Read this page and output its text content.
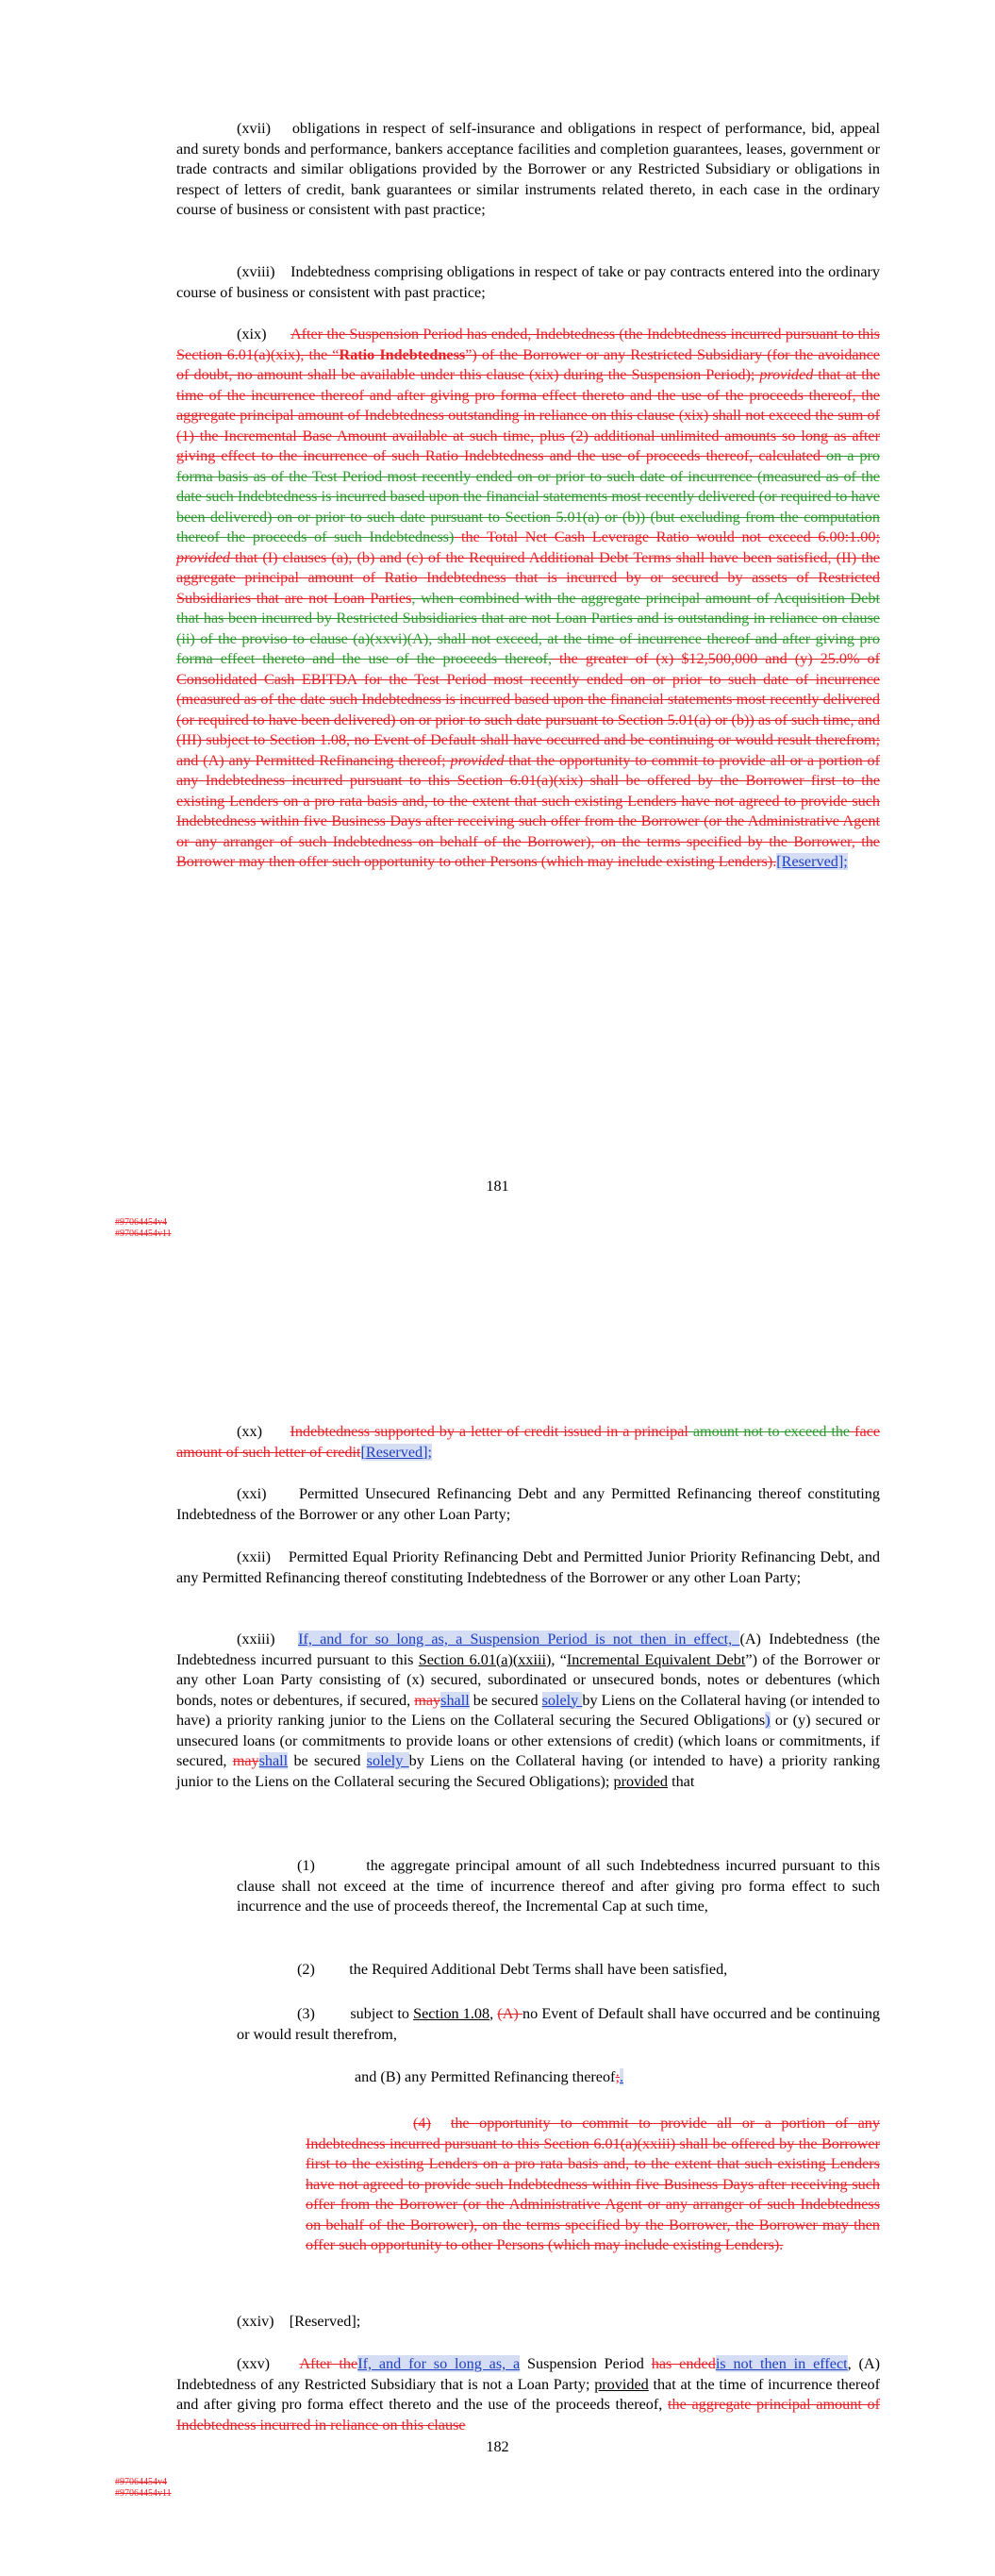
(xvii) obligations in respect of self-insurance and obligations in respect of performance, bid, appeal and surety bonds and performance, bankers acceptance facilities and completion guarantees, leases, government or trade contracts and similar obligations provided by the Borrower or any Restricted Subsidiary or obligations in respect of letters of credit, bank guarantees or similar instruments related thereto, in each case in the ordinary course of business or consistent with past practice;

(xviii) Indebtedness comprising obligations in respect of take or pay contracts entered into the ordinary course of business or consistent with past practice;

(xix) After the Suspension Period has ended, Indebtedness (the Indebtedness incurred pursuant to this Section 6.01(a)(xix), the “Ratio Indebtedness”) of the Borrower or any Restricted Subsidiary (for the avoidance of doubt, no amount shall be available under this clause (xix) during the Suspension Period); provided that at the time of the incurrence thereof and after giving pro forma effect thereto and the use of the proceeds thereof, the aggregate principal amount of Indebtedness outstanding in reliance on this clause (xix) shall not exceed the sum of (1) the Incremental Base Amount available at such time, plus (2) additional unlimited amounts so long as after giving effect to the incurrence of such Ratio Indebtedness and the use of proceeds thereof, calculated on a pro forma basis as of the Test Period most recently ended on or prior to such date of incurrence (measured as of the date such Indebtedness is incurred based upon the financial statements most recently delivered (or required to have been delivered) on or prior to such date pursuant to Section 5.01(a) or (b)) (but excluding from the computation thereof the proceeds of such Indebtedness) the Total Net Cash Leverage Ratio would not exceed 6.00:1.00; provided that (I) clauses (a), (b) and (c) of the Required Additional Debt Terms shall have been satisfied, (II) the aggregate principal amount of Ratio Indebtedness that is incurred by or secured by assets of Restricted Subsidiaries that are not Loan Parties, when combined with the aggregate principal amount of Acquisition Debt that has been incurred by Restricted Subsidiaries that are not Loan Parties and is outstanding in reliance on clause (ii) of the proviso to clause (a)(xxvi)(A), shall not exceed, at the time of incurrence thereof and after giving pro forma effect thereto and the use of the proceeds thereof, the greater of (x) $12,500,000 and (y) 25.0% of Consolidated Cash EBITDA for the Test Period most recently ended on or prior to such date of incurrence (measured as of the date such Indebtedness is incurred based upon the financial statements most recently delivered (or required to have been delivered) on or prior to such date pursuant to Section 5.01(a) or (b)) as of such time, and (III) subject to Section 1.08, no Event of Default shall have occurred and be continuing or would result therefrom; and (A) any Permitted Refinancing thereof; provided that the opportunity to commit to provide all or a portion of any Indebtedness incurred pursuant to this Section 6.01(a)(xix) shall be offered by the Borrower first to the existing Lenders on a pro rata basis and, to the extent that such existing Lenders have not agreed to provide such Indebtedness within five Business Days after receiving such offer from the Borrower (or the Administrative Agent or any arranger of such Indebtedness on behalf of the Borrower), on the terms specified by the Borrower, the Borrower may then offer such opportunity to other Persons (which may include existing Lenders).[Reserved];

181
#97064454v4
#97064454v11

(xx) Indebtedness supported by a letter of credit issued in a principal amount not to exceed the face amount of such letter of credit[Reserved];

(xxi) Permitted Unsecured Refinancing Debt and any Permitted Refinancing thereof constituting Indebtedness of the Borrower or any other Loan Party;

(xxii) Permitted Equal Priority Refinancing Debt and Permitted Junior Priority Refinancing Debt, and any Permitted Refinancing thereof constituting Indebtedness of the Borrower or any other Loan Party;

(xxiii) If, and for so long as, a Suspension Period is not then in effect, (A) Indebtedness (the Indebtedness incurred pursuant to this Section 6.01(a)(xxiii), “Incremental Equivalent Debt”) of the Borrower or any other Loan Party consisting of (x) secured, subordinated or unsecured bonds, notes or debentures (which bonds, notes or debentures, if secured, mayshall be secured solely by Liens on the Collateral having (or intended to have) a priority ranking junior to the Liens on the Collateral securing the Secured Obligations) or (y) secured or unsecured loans (or commitments to provide loans or other extensions of credit) (which loans or commitments, if secured, mayshall be secured solely by Liens on the Collateral having (or intended to have) a priority ranking junior to the Liens on the Collateral securing the Secured Obligations); provided that

(1)	the aggregate principal amount of all such Indebtedness incurred pursuant to this clause shall not exceed at the time of incurrence thereof and after giving pro forma effect to such incurrence and the use of proceeds thereof, the Incremental Cap at such time,

(2) the Required Additional Debt Terms shall have been satisfied,

(3) subject to Section 1.08, (A) no Event of Default shall have occurred and be continuing or would result therefrom,

and (B) any Permitted Refinancing thereof;.

(4) the opportunity to commit to provide all or a portion of any Indebtedness incurred pursuant to this Section 6.01(a)(xxiii) shall be offered by the Borrower first to the existing Lenders on a pro rata basis and, to the extent that such existing Lenders have not agreed to provide such Indebtedness within five Business Days after receiving such offer from the Borrower (or the Administrative Agent or any arranger of such Indebtedness on behalf of the Borrower), on the terms specified by the Borrower, the Borrower may then offer such opportunity to other Persons (which may include existing Lenders).

(xxiv) [Reserved];

(xxv) After theIf, and for so long as, a Suspension Period has endedis not then in effect, (A) Indebtedness of any Restricted Subsidiary that is not a Loan Party; provided that at the time of incurrence thereof and after giving pro forma effect thereto and the use of the proceeds thereof, the aggregate principal amount of Indebtedness incurred in reliance on this clause

182
#97064454v4
#97064454v11
